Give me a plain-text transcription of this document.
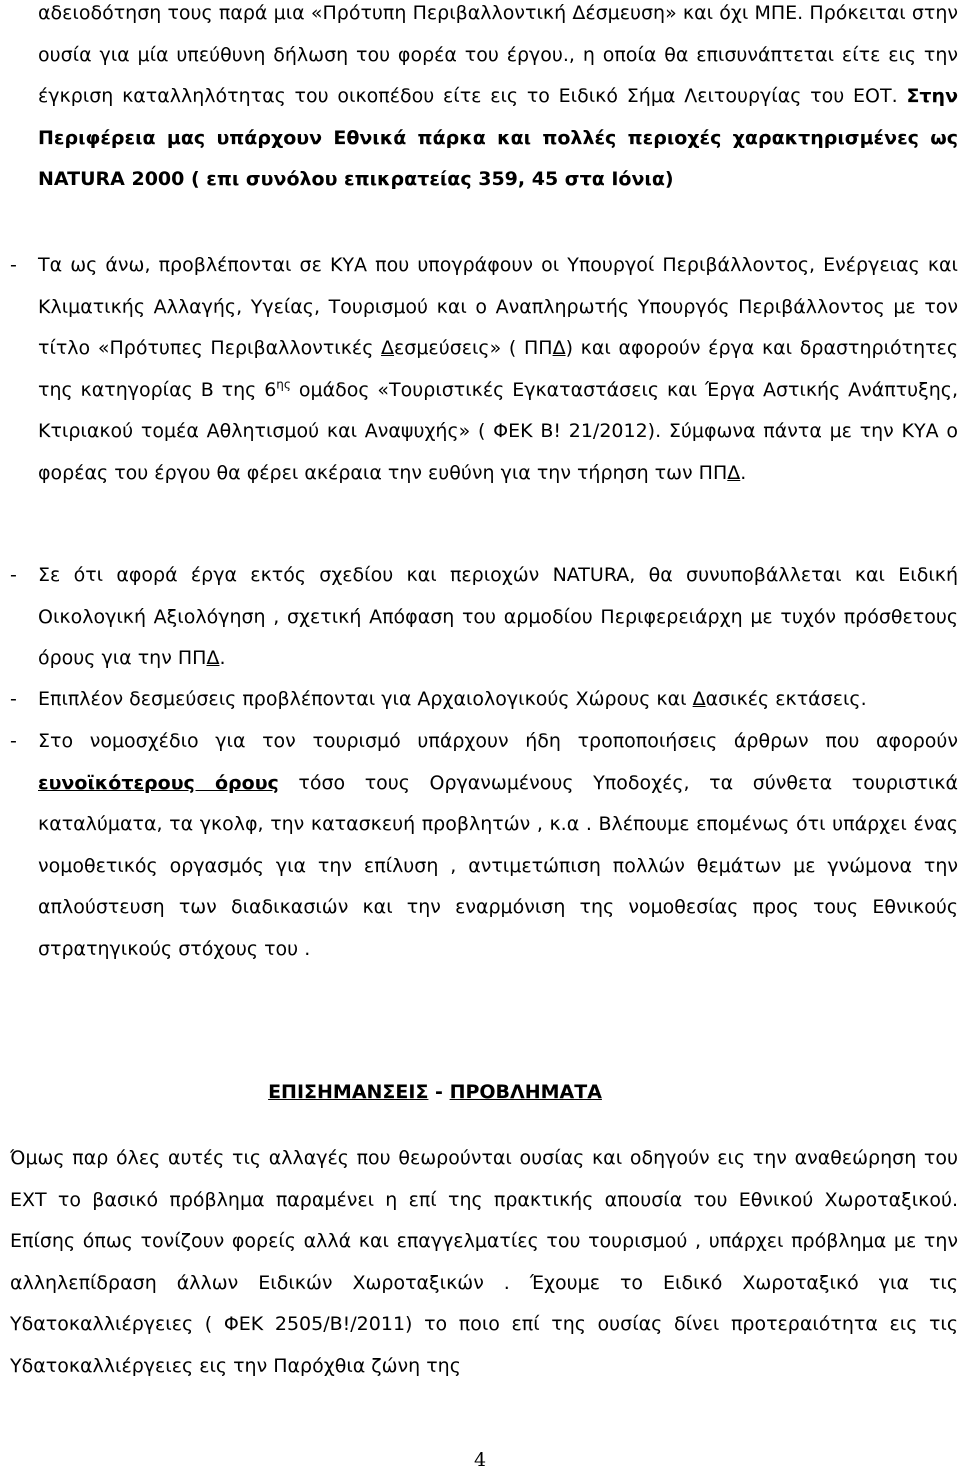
αδειοδότηση τους παρά μια «Πρότυπη Περιβαλλοντική Δέσμευση» και όχι ΜΠΕ. Πρόκειται στην ουσία για μία υπεύθυνη δήλωση του φορέα του έργου., η οποία θα επισυνάπτεται είτε εις την έγκριση καταλληλότητας του οικοπέδου είτε εις το Ειδικό Σήμα Λειτουργίας του ΕΟΤ. Στην Περιφέρεια μας υπάρχουν Εθνικά πάρκα και πολλές περιοχές χαρακτηρισμένες ως NATURA 2000 ( επι συνόλου επικρατείας 359, 45 στα Ιόνια)

- Τα ως άνω, προβλέπονται σε ΚΥΑ που υπογράφουν οι Υπουργοί Περιβάλλοντος, Ενέργειας και Κλιματικής Αλλαγής, Υγείας, Τουρισμού και ο Αναπληρωτής Υπουργός Περιβάλλοντος με τον τίτλο «Πρότυπες Περιβαλλοντικές Δεσμεύσεις» ( ΠΠΔ) και αφορούν έργα και δραστηριότητες της κατηγορίας Β της $6^{\eta\varsigma}$ ομάδος «Τουριστικές Εγκαταστάσεις και Έργα Αστικής Ανάπτυξης, Κτιριακού τομέα Αθλητισμού και Αναψυχής» ( ΦΕΚ Β! 21/2012). Σύμφωνα πάντα με την ΚΥΑ ο φορέας του έργου θα φέρει ακέραια την ευθύνη για την τήρηση των ΠΠΔ.
- Σε ότι αφορά έργα εκτός σχεδίου και περιοχών NATURA, θα συνυποβάλλεται και Ειδική Οικολογική Αξιολόγηση , σχετική Απόφαση του αρμοδίου Περιφερειάρχη με τυχόν πρόσθετους όρους για την ΠΠΔ.
- Επιπλέον δεσμεύσεις προβλέπονται για Αρχαιολογικούς Χώρους και Δασικές εκτάσεις.
- Στο νομοσχέδιο για τον τουρισμό υπάρχουν ήδη τροποποιήσεις άρθρων που αφορούν ευνοϊκότερους όρους τόσο τους Οργανωμένους Υποδοχές, τα σύνθετα τουριστικά καταλύματα, τα γκολφ, την κατασκευή προβλητών , κ.α . Βλέπουμε επομένως ότι υπάρχει ένας νομοθετικός οργασμός για την επίλυση , αντιμετώπιση πολλών θεμάτων με γνώμονα την απλούστευση των διαδικασιών και την εναρμόνιση της νομοθεσίας προς τους Εθνικούς στρατηγικούς στόχους του .
ΕΠΙΣΗΜΑΝΣΕΙΣ - ΠΡΟΒΛΗΜΑΤΑ

Όμως παρ όλες αυτές τις αλλαγές που θεωρούνται ουσίας και οδηγούν εις την αναθεώρηση του ΕΧΤ το βασικό πρόβλημα παραμένει η επί της πρακτικής απουσία του Εθνικού Χωροταξικού. Επίσης όπως τονίζουν φορείς αλλά και επαγγελματίες του τουρισμού , υπάρχει πρόβλημα με την αλληλεπίδραση άλλων Ειδικών Χωροταξικών . Έχουμε το Ειδικό Χωροταξικό για τις Υδατοκαλλιέργειες ( ΦΕΚ 2505/Β!/2011) το ποιο επί της ουσίας δίνει προτεραιότητα εις τις Υδατοκαλλιέργειες εις την Παρόχθια ζώνη της

4
